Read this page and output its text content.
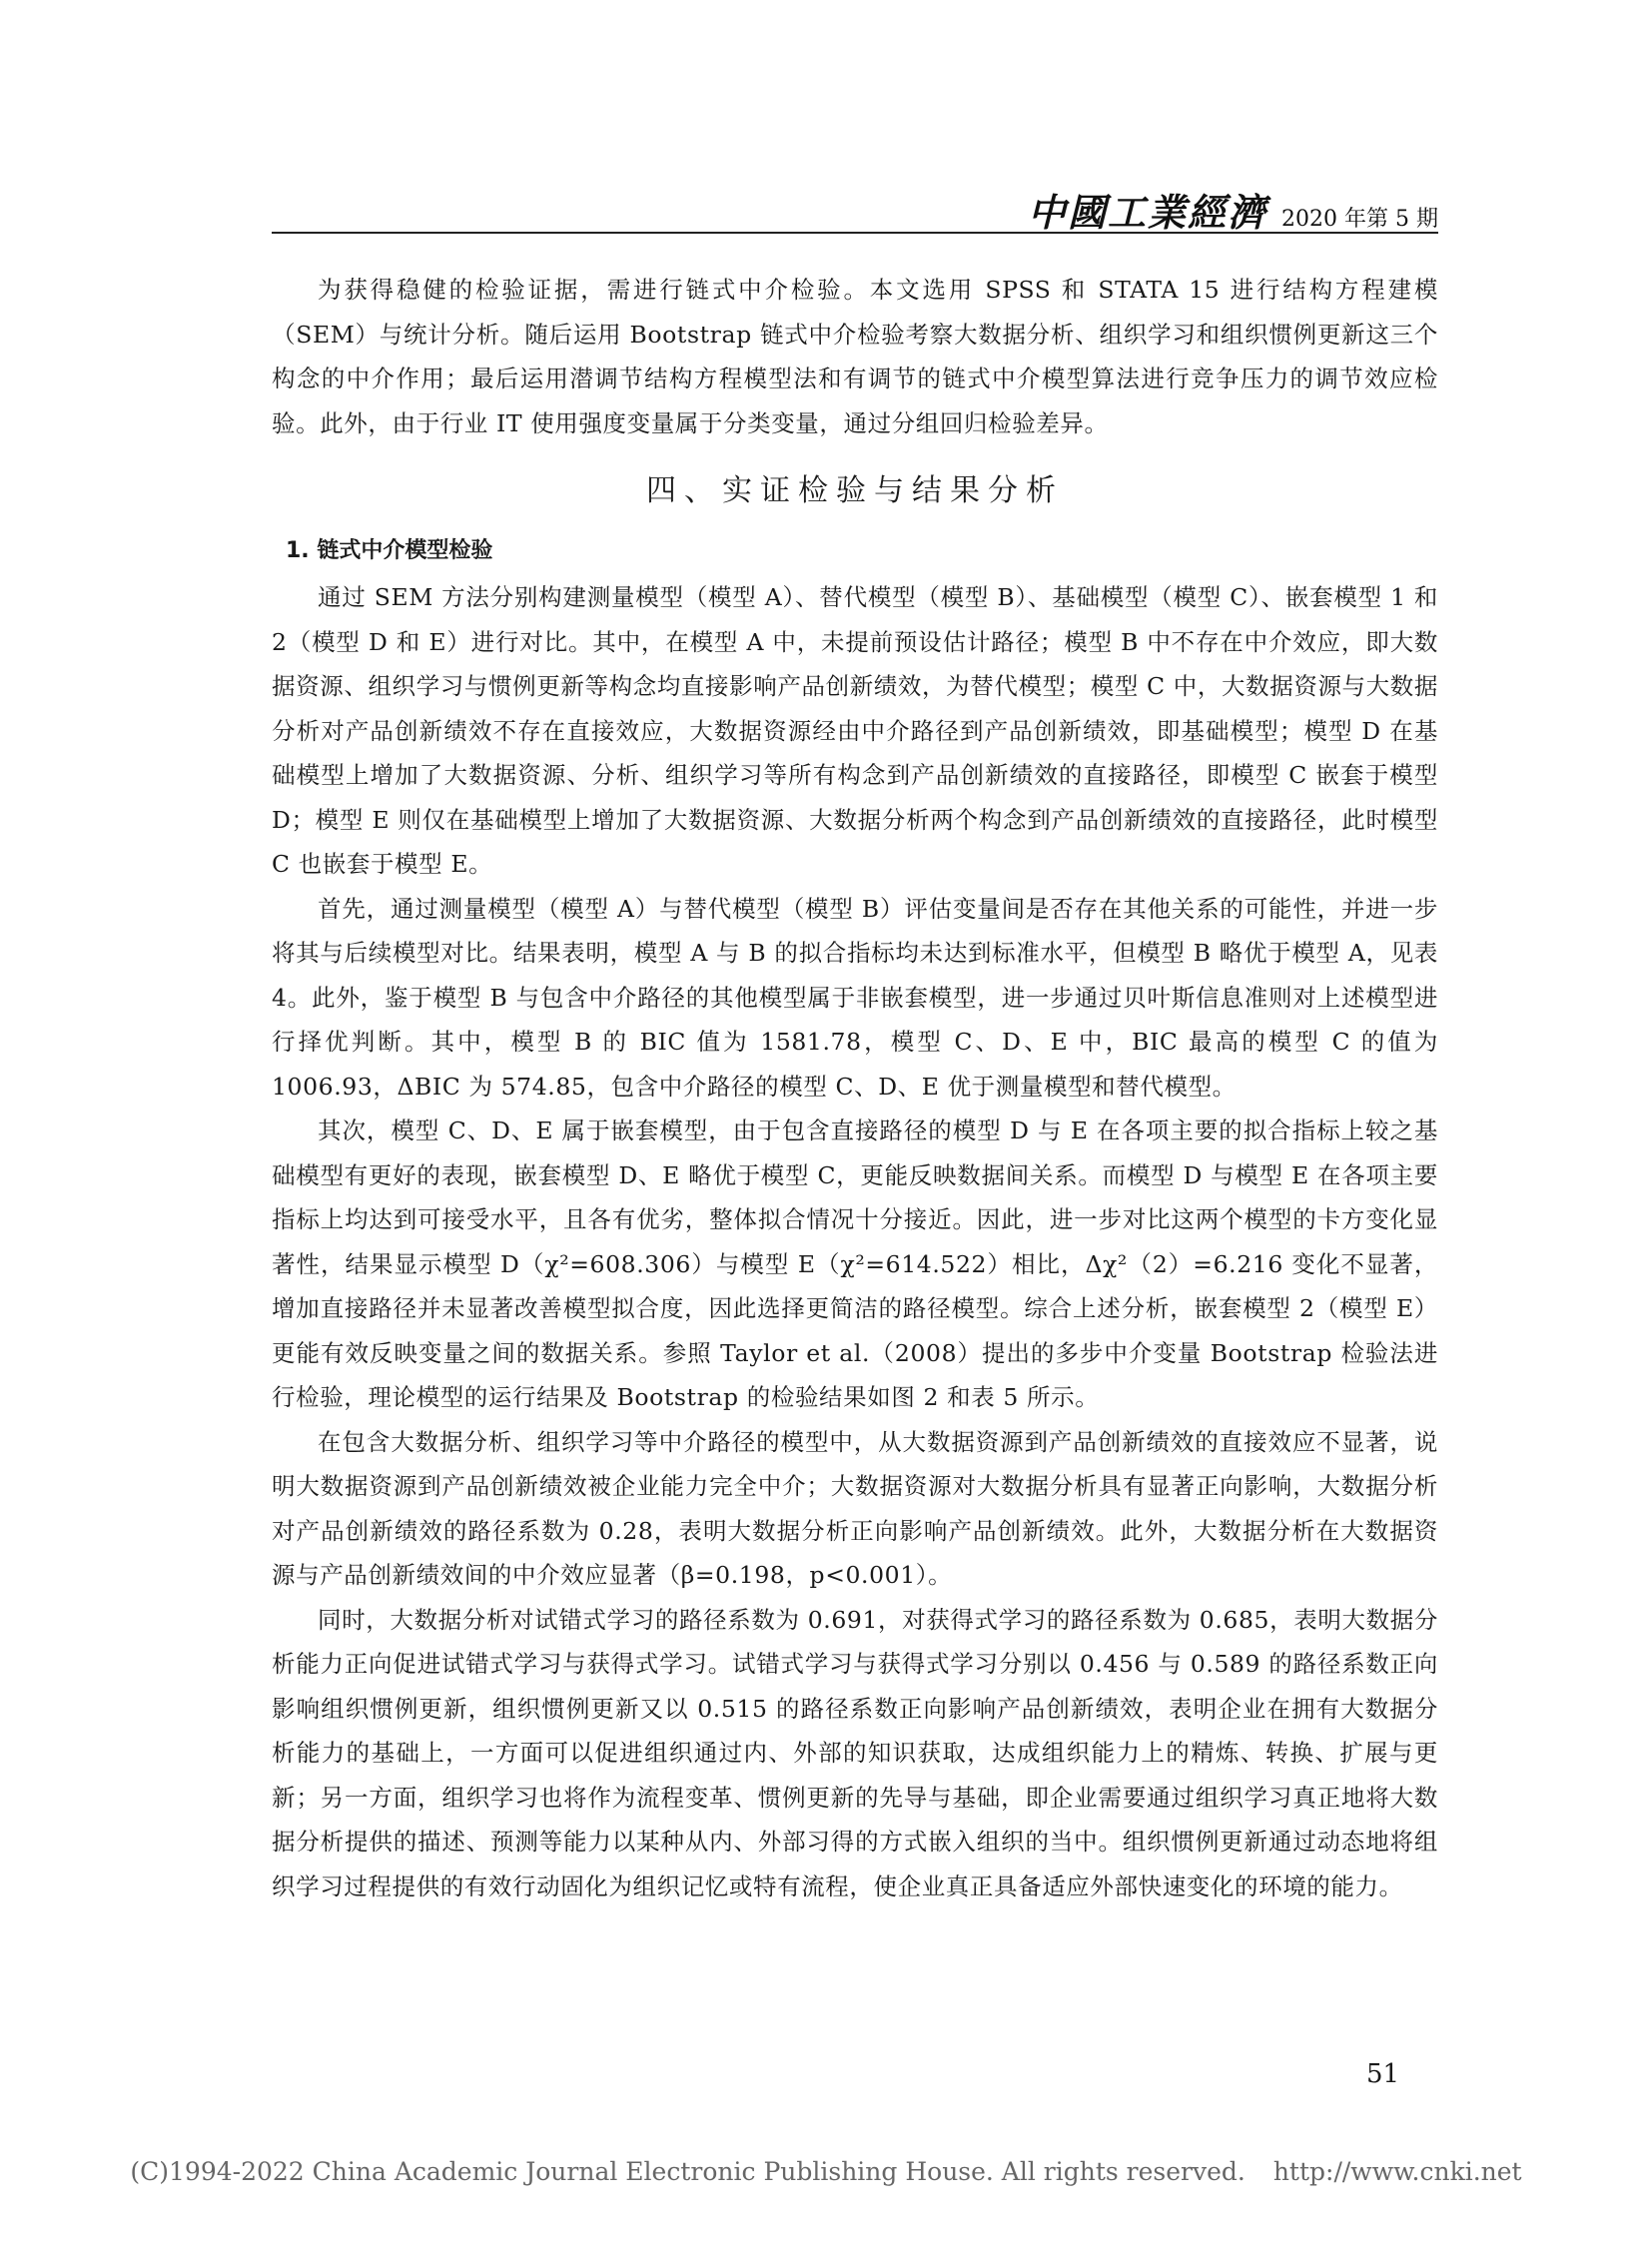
中國工業經濟 2020 年第 5 期

为获得稳健的检验证据，需进行链式中介检验。本文选用 SPSS 和 STATA 15 进行结构方程建模（SEM）与统计分析。随后运用 Bootstrap 链式中介检验考察大数据分析、组织学习和组织惯例更新这三个构念的中介作用；最后运用潜调节结构方程模型法和有调节的链式中介模型算法进行竞争压力的调节效应检验。此外，由于行业 IT 使用强度变量属于分类变量，通过分组回归检验差异。

四、实证检验与结果分析
1. 链式中介模型检验

通过 SEM 方法分别构建测量模型（模型 A）、替代模型（模型 B）、基础模型（模型 C）、嵌套模型 1 和 2（模型 D 和 E）进行对比。其中，在模型 A 中，未提前预设估计路径；模型 B 中不存在中介效应，即大数据资源、组织学习与惯例更新等构念均直接影响产品创新绩效，为替代模型；模型 C 中，大数据资源与大数据分析对产品创新绩效不存在直接效应，大数据资源经由中介路径到产品创新绩效，即基础模型；模型 D 在基础模型上增加了大数据资源、分析、组织学习等所有构念到产品创新绩效的直接路径，即模型 C 嵌套于模型 D；模型 E 则仅在基础模型上增加了大数据资源、大数据分析两个构念到产品创新绩效的直接路径，此时模型 C 也嵌套于模型 E。

首先，通过测量模型（模型 A）与替代模型（模型 B）评估变量间是否存在其他关系的可能性，并进一步将其与后续模型对比。结果表明，模型 A 与 B 的拟合指标均未达到标准水平，但模型 B 略优于模型 A，见表 4。此外，鉴于模型 B 与包含中介路径的其他模型属于非嵌套模型，进一步通过贝叶斯信息准则对上述模型进行择优判断。其中，模型 B 的 BIC 值为 1581.78，模型 C、D、E 中，BIC 最高的模型 C 的值为 1006.93，ΔBIC 为 574.85，包含中介路径的模型 C、D、E 优于测量模型和替代模型。

其次，模型 C、D、E 属于嵌套模型，由于包含直接路径的模型 D 与 E 在各项主要的拟合指标上较之基础模型有更好的表现，嵌套模型 D、E 略优于模型 C，更能反映数据间关系。而模型 D 与模型 E 在各项主要指标上均达到可接受水平，且各有优劣，整体拟合情况十分接近。因此，进一步对比这两个模型的卡方变化显著性，结果显示模型 D（χ²=608.306）与模型 E（χ²=614.522）相比，Δχ²（2）=6.216 变化不显著，增加直接路径并未显著改善模型拟合度，因此选择更简洁的路径模型。综合上述分析，嵌套模型 2（模型 E）更能有效反映变量之间的数据关系。参照 Taylor et al.（2008）提出的多步中介变量 Bootstrap 检验法进行检验，理论模型的运行结果及 Bootstrap 的检验结果如图 2 和表 5 所示。

在包含大数据分析、组织学习等中介路径的模型中，从大数据资源到产品创新绩效的直接效应不显著，说明大数据资源到产品创新绩效被企业能力完全中介；大数据资源对大数据分析具有显著正向影响，大数据分析对产品创新绩效的路径系数为 0.28，表明大数据分析正向影响产品创新绩效。此外，大数据分析在大数据资源与产品创新绩效间的中介效应显著（β=0.198，p<0.001）。

同时，大数据分析对试错式学习的路径系数为 0.691，对获得式学习的路径系数为 0.685，表明大数据分析能力正向促进试错式学习与获得式学习。试错式学习与获得式学习分别以 0.456 与 0.589 的路径系数正向影响组织惯例更新，组织惯例更新又以 0.515 的路径系数正向影响产品创新绩效，表明企业在拥有大数据分析能力的基础上，一方面可以促进组织通过内、外部的知识获取，达成组织能力上的精炼、转换、扩展与更新；另一方面，组织学习也将作为流程变革、惯例更新的先导与基础，即企业需要通过组织学习真正地将大数据分析提供的描述、预测等能力以某种从内、外部习得的方式嵌入组织的当中。组织惯例更新通过动态地将组织学习过程提供的有效行动固化为组织记忆或特有流程，使企业真正具备适应外部快速变化的环境的能力。

51
(C)1994-2022 China Academic Journal Electronic Publishing House. All rights reserved. http://www.cnki.net
